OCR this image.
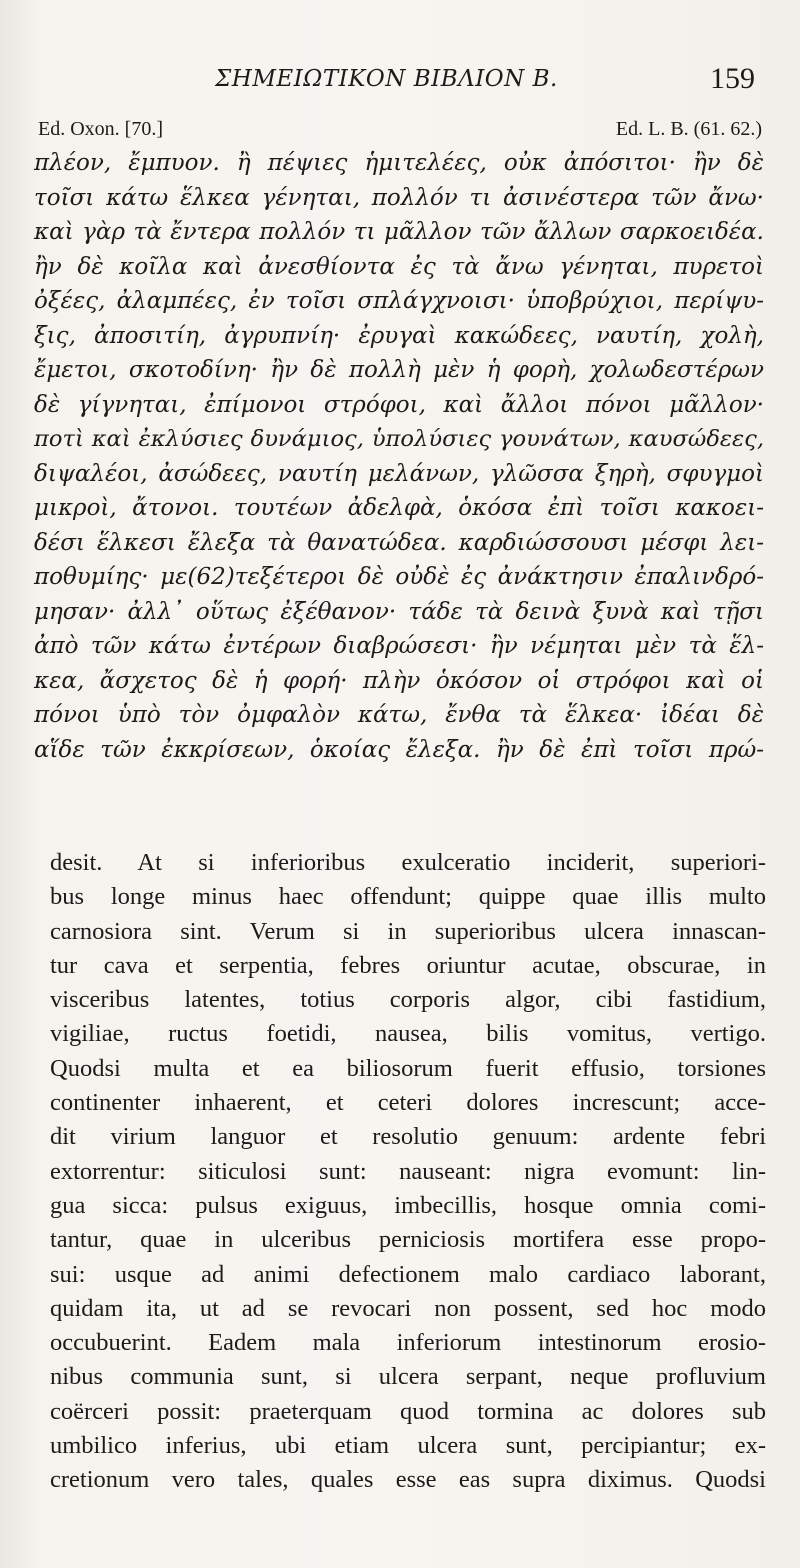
ΣΗΜΕΙΩΤΙΚΟΝ ΒΙΒΛΙΟΝ Β.	159
Ed. Oxon. [70.]	Ed. L. B. (61. 62.)
πλέον, ἔμπυον. ἢ πέψιες ἡμιτελέες, οὐκ ἀπόσιτοι· ἢν δὲ
τοῖσι κάτω ἕλκεα γένηται, πολλόν τι ἀσινέστερα τῶν ἄνω·
καὶ γὰρ τὰ ἔντερα πολλόν τι μᾶλλον τῶν ἄλλων σαρκοειδέα.
ἢν δὲ κοῖλα καὶ ἀνεσθίοντα ἐς τὰ ἄνω γένηται, πυρετοὶ
ὀξέες, ἀλαμπέες, ἐν τοῖσι σπλάγχνοισι· ὑποβρύχιοι, περίψυ-
ξις, ἀποσιτίη, ἀγρυπνίη· ἐρυγαὶ κακώδεες, ναυτίη, χολὴ,
ἔμετοι, σκοτοδίνη· ἢν δὲ πολλὴ μὲν ἡ φορὴ, χολωδεστέρων
δὲ γίγνηται, ἐπίμονοι στρόφοι, καὶ ἄλλοι πόνοι μᾶλλον·
ποτὶ καὶ ἐκλύσιες δυνάμιος, ὑπολύσιες γουνάτων, καυσώδεες,
διψαλέοι, ἀσώδεες, ναυτίη μελάνων, γλῶσσα ξηρὴ, σφυγμοὶ
μικροὶ, ἄτονοι. τουτέων ἀδελφὰ, ὁκόσα ἐπὶ τοῖσι κακοει-
δέσι ἕλκεσι ἔλεξα τὰ θανατώδεα. καρδιώσσουσι μέσφι λει-
ποθυμίης· με(62)τεξέτεροι δὲ οὐδὲ ἐς ἀνάκτησιν ἐπαλινδρό-
μησαν· ἀλλ᾽ οὕτως ἐξέθανον· τάδε τὰ δεινὰ ξυνὰ καὶ τῇσι
ἀπὸ τῶν κάτω ἐντέρων διαβρώσεσι· ἢν νέμηται μὲν τὰ ἕλ-
κεα, ἄσχετος δὲ ἡ φορή· πλὴν ὁκόσον οἱ στρόφοι καὶ οἱ
πόνοι ὑπὸ τὸν ὀμφαλὸν κάτω, ἔνθα τὰ ἕλκεα· ἰδέαι δὲ
αἵδε τῶν ἐκκρίσεων, ὁκοίας ἔλεξα. ἢν δὲ ἐπὶ τοῖσι πρώ-
desit. At si inferioribus exulceratio inciderit, superiori-
bus longe minus haec offendunt; quippe quae illis multo
carnosiora sint. Verum si in superioribus ulcera innascan-
tur cava et serpentia, febres oriuntur acutae, obscurae, in
visceribus latentes, totius corporis algor, cibi fastidium,
vigiliae, ructus foetidi, nausea, bilis vomitus, vertigo.
Quodsi multa et ea biliosorum fuerit effusio, torsiones
continenter inhaerent, et ceteri dolores increscunt; acce-
dit virium languor et resolutio genuum: ardente febri
extorrentur: siticulosi sunt: nauseant: nigra evomunt: lin-
gua sicca: pulsus exiguus, imbecillis, hosque omnia comi-
tantur, quae in ulceribus perniciosis mortifera esse propo-
sui: usque ad animi defectionem malo cardiaco laborant,
quidam ita, ut ad se revocari non possent, sed hoc modo
occubuerint. Eadem mala inferiorum intestinorum erosio-
nibus communia sunt, si ulcera serpant, neque profluvium
coërceri possit: praeterquam quod tormina ac dolores sub
umbilico inferius, ubi etiam ulcera sunt, percipiantur; ex-
cretionum vero tales, quales esse eas supra diximus. Quodsi
